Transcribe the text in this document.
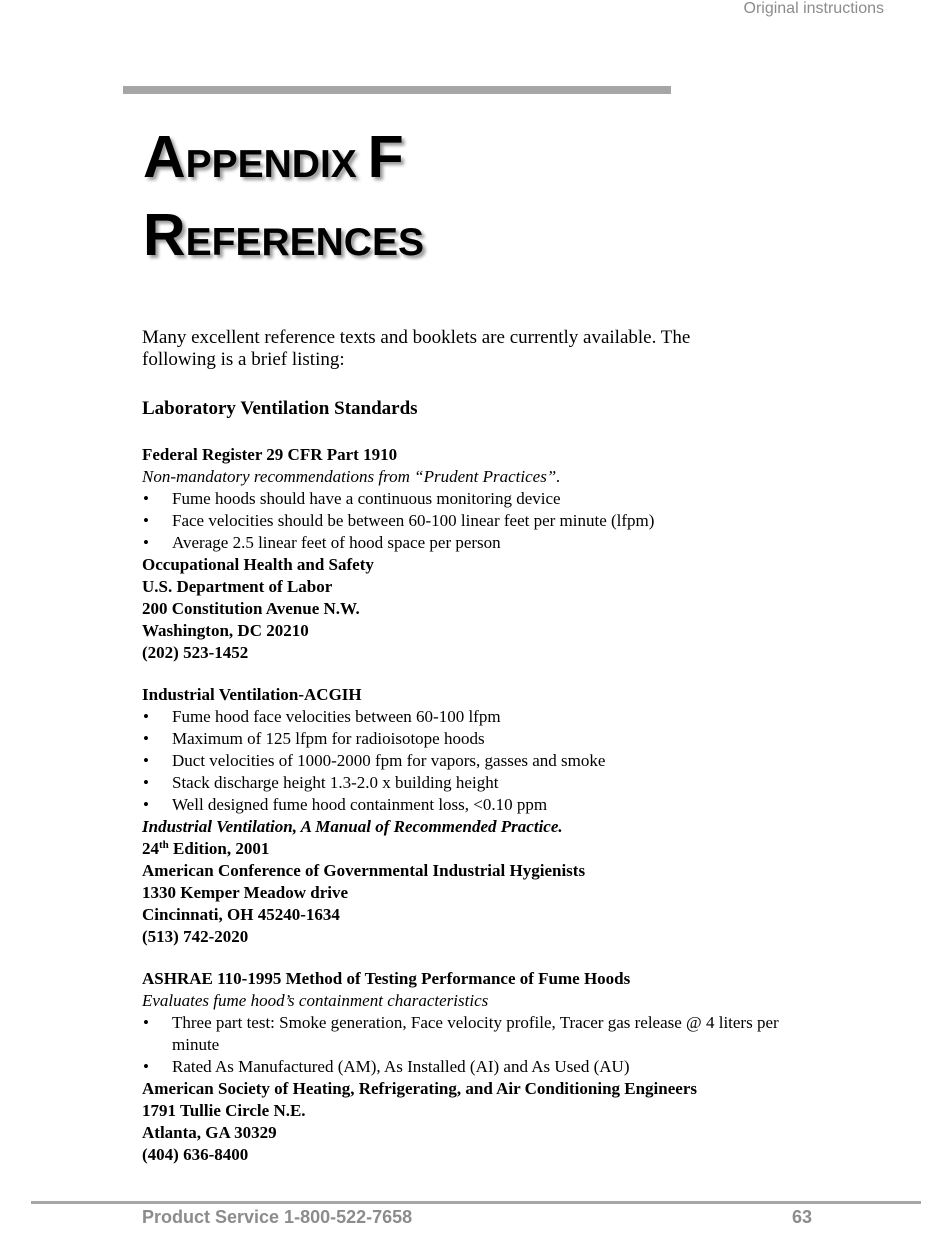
Original instructions
APPENDIX F
REFERENCES

Many excellent reference texts and booklets are currently available. The
following is a brief listing:

Laboratory Ventilation Standards
Federal Register 29 CFR Part 1910
Non-mandatory recommendations from “Prudent Practices”.
• Fume hoods should have a continuous monitoring device
• Face velocities should be between 60-100 linear feet per minute (lfpm)
• Average 2.5 linear feet of hood space per person
Occupational Health and Safety
U.S. Department of Labor
200 Constitution Avenue N.W.
Washington, DC 20210
(202) 523-1452
Industrial Ventilation-ACGIH
• Fume hood face velocities between 60-100 lfpm
• Maximum of 125 lfpm for radioisotope hoods
• Duct velocities of 1000-2000 fpm for vapors, gasses and smoke
• Stack discharge height 1.3-2.0 x building height
• Well designed fume hood containment loss, <0.10 ppm
Industrial Ventilation, A Manual of Recommended Practice.
24th Edition, 2001
American Conference of Governmental Industrial Hygienists
1330 Kemper Meadow drive
Cincinnati, OH 45240-1634
(513) 742-2020
ASHRAE 110-1995 Method of Testing Performance of Fume Hoods
Evaluates fume hood’s containment characteristics
• Three part test: Smoke generation, Face velocity profile, Tracer gas release @ 4 liters per minute
• Rated As Manufactured (AM), As Installed (AI) and As Used (AU)
American Society of Heating, Refrigerating, and Air Conditioning Engineers
1791 Tullie Circle N.E.
Atlanta, GA 30329
(404) 636-8400
Product Service 1-800-522-7658	63
